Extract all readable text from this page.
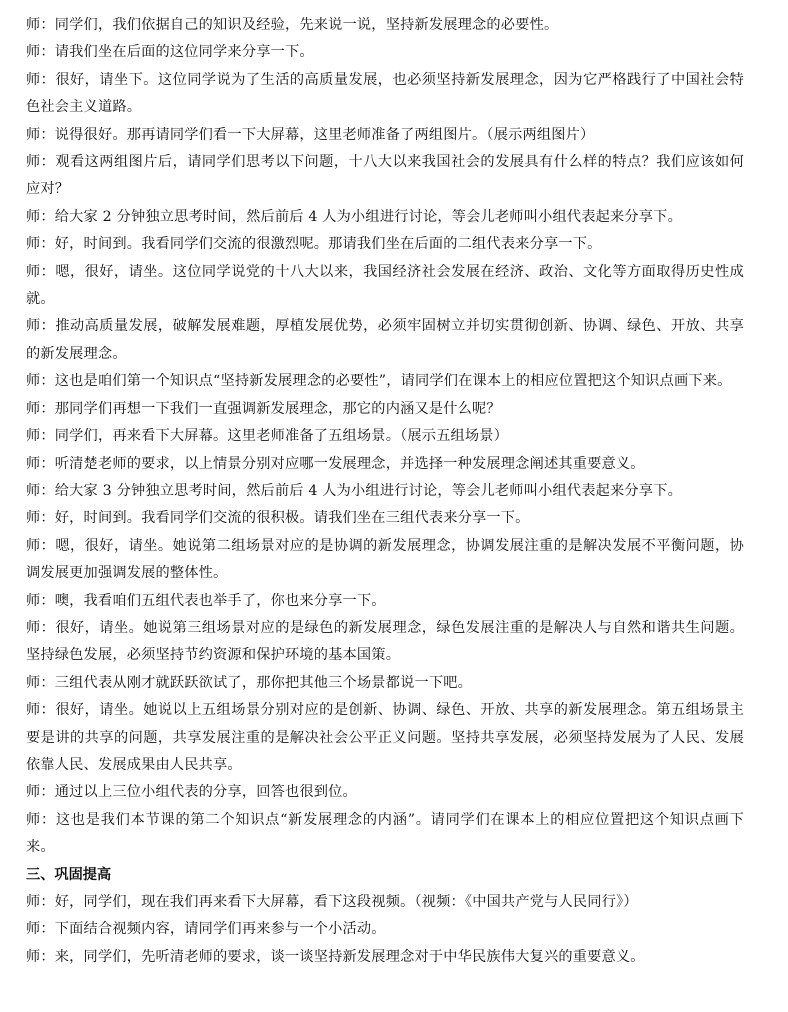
师：同学们，我们依据自己的知识及经验，先来说一说，坚持新发展理念的必要性。

师：请我们坐在后面的这位同学来分享一下。

师：很好，请坐下。这位同学说为了生活的高质量发展，也必须坚持新发展理念，因为它严格践行了中国社会特色社会主义道路。

师：说得很好。那再请同学们看一下大屏幕，这里老师准备了两组图片。（展示两组图片）

师：观看这两组图片后，请同学们思考以下问题，十八大以来我国社会的发展具有什么样的特点？我们应该如何应对？

师：给大家 2 分钟独立思考时间，然后前后 4 人为小组进行讨论，等会儿老师叫小组代表起来分享下。

师：好，时间到。我看同学们交流的很激烈呢。那请我们坐在后面的二组代表来分享一下。

师：嗯，很好，请坐。这位同学说党的十八大以来，我国经济社会发展在经济、政治、文化等方面取得历史性成就。

师：推动高质量发展，破解发展难题，厚植发展优势，必须牢固树立并切实贯彻创新、协调、绿色、开放、共享的新发展理念。

师：这也是咱们第一个知识点“坚持新发展理念的必要性”，请同学们在课本上的相应位置把这个知识点画下来。

师：那同学们再想一下我们一直强调新发展理念，那它的内涵又是什么呢？

师：同学们，再来看下大屏幕。这里老师准备了五组场景。（展示五组场景）

师：听清楚老师的要求，以上情景分别对应哪一发展理念，并选择一种发展理念阐述其重要意义。

师：给大家 3 分钟独立思考时间，然后前后 4 人为小组进行讨论，等会儿老师叫小组代表起来分享下。

师：好，时间到。我看同学们交流的很积极。请我们坐在三组代表来分享一下。

师：嗯，很好，请坐。她说第二组场景对应的是协调的新发展理念，协调发展注重的是解决发展不平衡问题，协调发展更加强调发展的整体性。

师：噢，我看咱们五组代表也举手了，你也来分享一下。

师：很好，请坐。她说第三组场景对应的是绿色的新发展理念，绿色发展注重的是解决人与自然和谐共生问题。坚持绿色发展，必须坚持节约资源和保护环境的基本国策。

师：三组代表从刚才就跃跃欲试了，那你把其他三个场景都说一下吧。

师：很好，请坐。她说以上五组场景分别对应的是创新、协调、绿色、开放、共享的新发展理念。第五组场景主要是讲的共享的问题，共享发展注重的是解决社会公平正义问题。坚持共享发展，必须坚持发展为了人民、发展依靠人民、发展成果由人民共享。

师：通过以上三位小组代表的分享，回答也很到位。

师：这也是我们本节课的第二个知识点“新发展理念的内涵”。请同学们在课本上的相应位置把这个知识点画下来。

三、巩固提高

师：好，同学们，现在我们再来看下大屏幕，看下这段视频。（视频：《中国共产党与人民同行》）

师：下面结合视频内容，请同学们再来参与一个小活动。

师：来，同学们，先听清老师的要求，谈一谈坚持新发展理念对于中华民族伟大复兴的重要意义。
